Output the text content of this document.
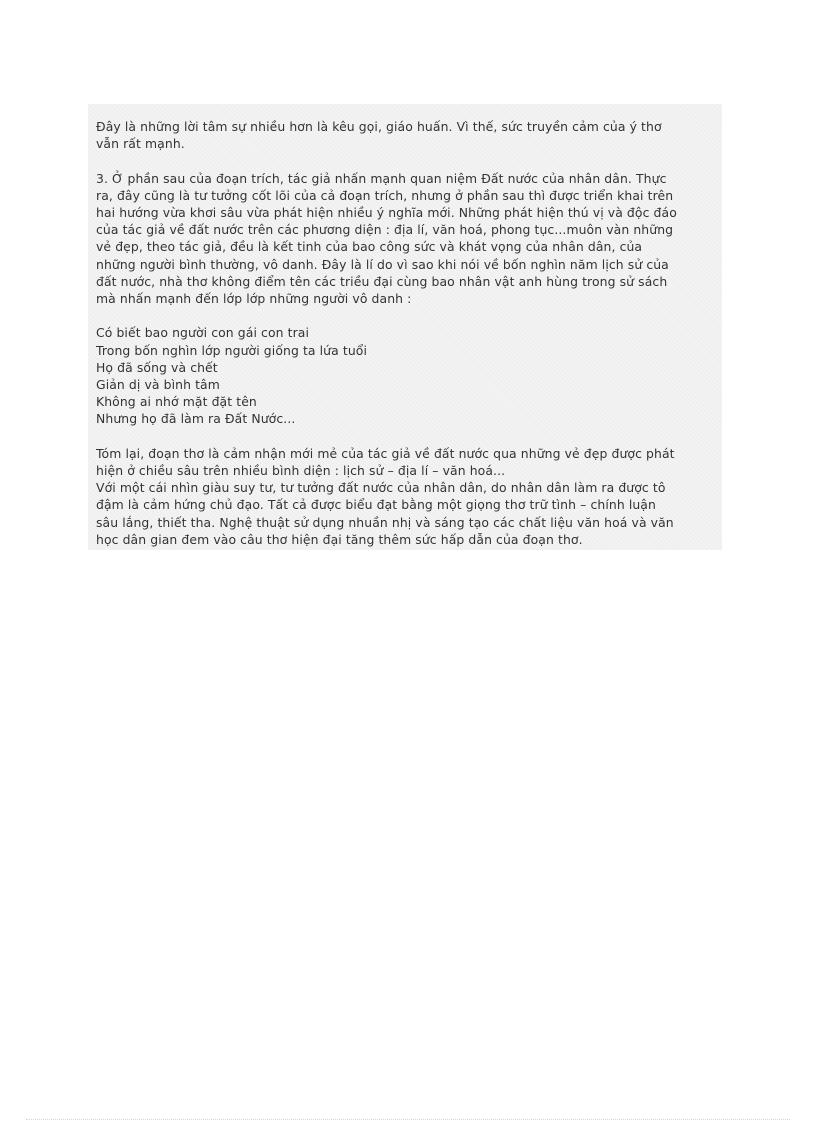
Đây là những lời tâm sự nhiều hơn là kêu gọi, giáo huấn. Vì thế, sức truyền cảm của ý thơ
vẫn rất mạnh.
3. Ở phần sau của đoạn trích, tác giả nhấn mạnh quan niệm Đất nước của nhân dân. Thực
ra, đây cũng là tư tưởng cốt lõi của cả đoạn trích, nhưng ở phần sau thì được triển khai trên
hai hướng vừa khơi sâu vừa phát hiện nhiều ý nghĩa mới. Những phát hiện thú vị và độc đáo
của tác giả về đất nước trên các phương diện : địa lí, văn hoá, phong tục...muôn vàn những
vẻ đẹp, theo tác giả, đều là kết tinh của bao công sức và khát vọng của nhân dân, của
những người bình thường, vô danh. Đây là lí do vì sao khi nói về bốn nghìn năm lịch sử của
đất nước, nhà thơ không điểm tên các triều đại cùng bao nhân vật anh hùng trong sử sách
mà nhấn mạnh đến lớp lớp những người vô danh :
Có biết bao người con gái con trai
Trong bốn nghìn lớp người giống ta lứa tuổi
Họ đã sống và chết
Giản dị và bình tâm
Không ai nhớ mặt đặt tên
Nhưng họ đã làm ra Đất Nước...
Tóm lại, đoạn thơ là cảm nhận mới mẻ của tác giả về đất nước qua những vẻ đẹp được phát
hiện ở chiều sâu trên nhiều bình diện : lịch sử – địa lí – văn hoá...
Với một cái nhìn giàu suy tư, tư tưởng đất nước của nhân dân, do nhân dân làm ra được tô
đậm là cảm hứng chủ đạo. Tất cả được biểu đạt bằng một giọng thơ trữ tình – chính luận
sâu lắng, thiết tha. Nghệ thuật sử dụng nhuần nhị và sáng tạo các chất liệu văn hoá và văn
học dân gian đem vào câu thơ hiện đại tăng thêm sức hấp dẫn của đoạn thơ.
